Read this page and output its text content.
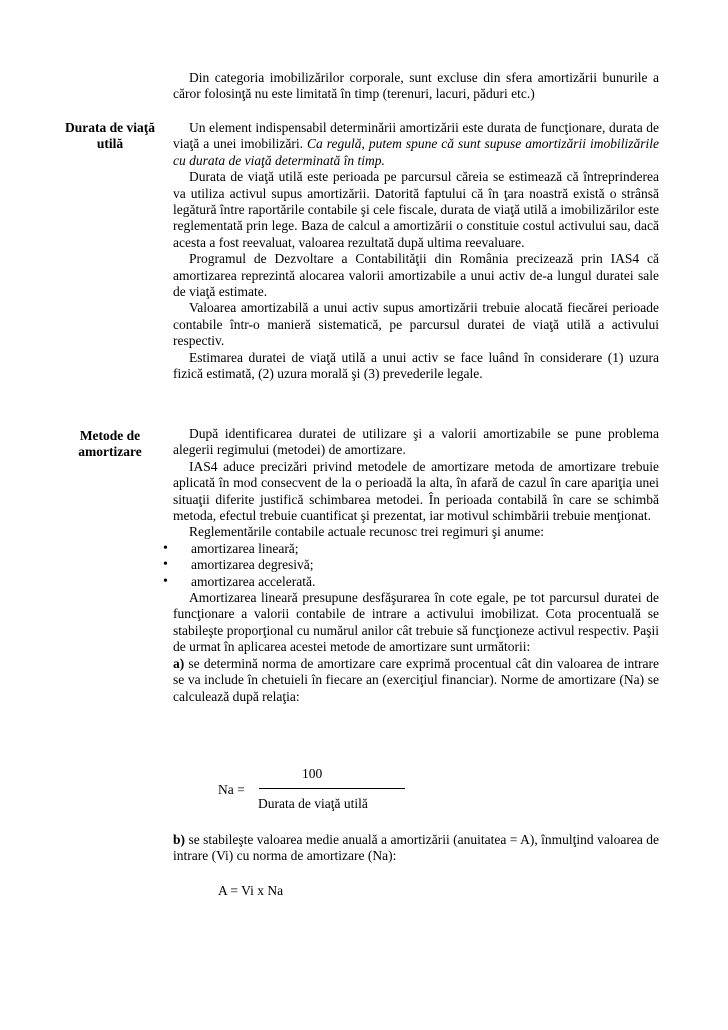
Din categoria imobilizărilor corporale, sunt excluse din sfera amortizării bunurile a căror folosinţă nu este limitată în timp (terenuri, lacuri, păduri etc.)

Durata de viaţă utilă

Un element indispensabil determinării amortizării este durata de funcţionare, durata de viaţă a unei imobilizări. Ca regulă, putem spune că sunt supuse amortizării imobilizările cu durata de viaţă determinată în timp.

Durata de viaţă utilă este perioada pe parcursul căreia se estimează că întreprinderea va utiliza activul supus amortizării. Datorită faptului că în ţara noastră există o strânsă legătură între raportările contabile şi cele fiscale, durata de viaţă utilă a imobilizărilor este reglementată prin lege. Baza de calcul a amortizării o constituie costul activului sau, dacă acesta a fost reevaluat, valoarea rezultată după ultima reevaluare.

Programul de Dezvoltare a Contabilităţii din România precizează prin IAS4 că amortizarea reprezintă alocarea valorii amortizabile a unui activ de-a lungul duratei sale de viaţă estimate.

Valoarea amortizabilă a unui activ supus amortizării trebuie alocată fiecărei perioade contabile într-o manieră sistematică, pe parcursul duratei de viaţă utilă a activului respectiv.

Estimarea duratei de viaţă utilă a unui activ se face luând în considerare (1) uzura fizică estimată, (2) uzura morală şi (3) prevederile legale.

Metode de amortizare

După identificarea duratei de utilizare şi a valorii amortizabile se pune problema alegerii regimului (metodei) de amortizare.

IAS4 aduce precizări privind metodele de amortizare metoda de amortizare trebuie aplicată în mod consecvent de la o perioadă la alta, în afară de cazul în care apariţia unei situaţii diferite justifică schimbarea metodei. În perioada contabilă în care se schimbă metoda, efectul trebuie cuantificat şi prezentat, iar motivul schimbării trebuie menţionat.

Reglementările contabile actuale recunosc trei regimuri şi anume:

• amortizarea lineară;
• amortizarea degresivă;
• amortizarea accelerată.

Amortizarea lineară presupune desfăşurarea în cote egale, pe tot parcursul duratei de funcţionare a valorii contabile de intrare a activului imobilizat. Cota procentuală se stabileşte proporţional cu numărul anilor cât trebuie să funcţioneze activul respectiv. Paşii de urmat în aplicarea acestei metode de amortizare sunt următorii:

a) se determină norma de amortizare care exprimă procentual cât din valoarea de intrare se va include în chetuieli în fiecare an (exerciţiul financiar). Norme de amortizare (Na) se calculează după relaţia:

Na =
100
Durata de viaţă utilă

b) se stabileşte valoarea medie anuală a amortizării (anuitatea = A), înmulţind valoarea de intrare (Vi) cu norma de amortizare (Na):

A = Vi x Na
